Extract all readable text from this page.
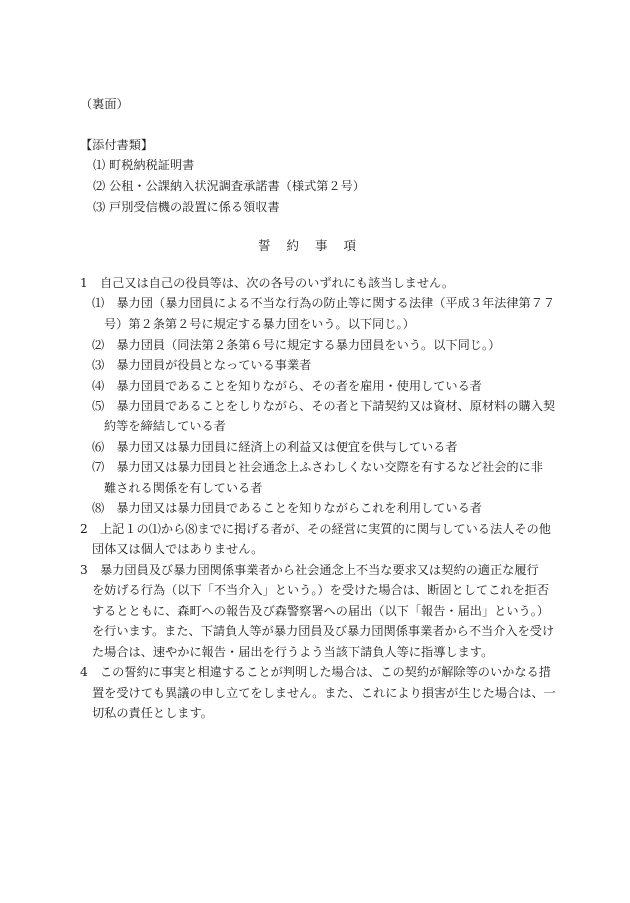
（裏面）
【添付書類】
⑴ 町税納税証明書
⑵ 公租・公課納入状況調査承諾書（様式第２号）
⑶ 戸別受信機の設置に係る領収書
誓約事項
1　自己又は自己の役員等は、次の各号のいずれにも該当しません。
⑴　暴力団（暴力団員による不当な行為の防止等に関する法律（平成３年法律第７７
号）第２条第２号に規定する暴力団をいう。以下同じ。）
⑵　暴力団員（同法第２条第６号に規定する暴力団員をいう。以下同じ。）
⑶　暴力団員が役員となっている事業者
⑷　暴力団員であることを知りながら、その者を雇用・使用している者
⑸　暴力団員であることをしりながら、その者と下請契約又は資材、原材料の購入契
約等を締結している者
⑹　暴力団又は暴力団員に経済上の利益又は便宜を供与している者
⑺　暴力団又は暴力団員と社会通念上ふさわしくない交際を有するなど社会的に非
難される関係を有している者
⑻　暴力団又は暴力団員であることを知りながらこれを利用している者
2　上記１の⑴から⑻までに掲げる者が、その経営に実質的に関与している法人その他
団体又は個人ではありません。
3　暴力団員及び暴力団関係事業者から社会通念上不当な要求又は契約の適正な履行
を妨げる行為（以下「不当介入」という。）を受けた場合は、断固としてこれを拒否
するとともに、森町への報告及び森警察署への届出（以下「報告・届出」という。）
を行います。また、下請負人等が暴力団員及び暴力団関係事業者から不当介入を受け
た場合は、速やかに報告・届出を行うよう当該下請負人等に指導します。
4　この誓約に事実と相違することが判明した場合は、この契約が解除等のいかなる措
置を受けても異議の申し立てをしません。また、これにより損害が生じた場合は、一
切私の責任とします。
